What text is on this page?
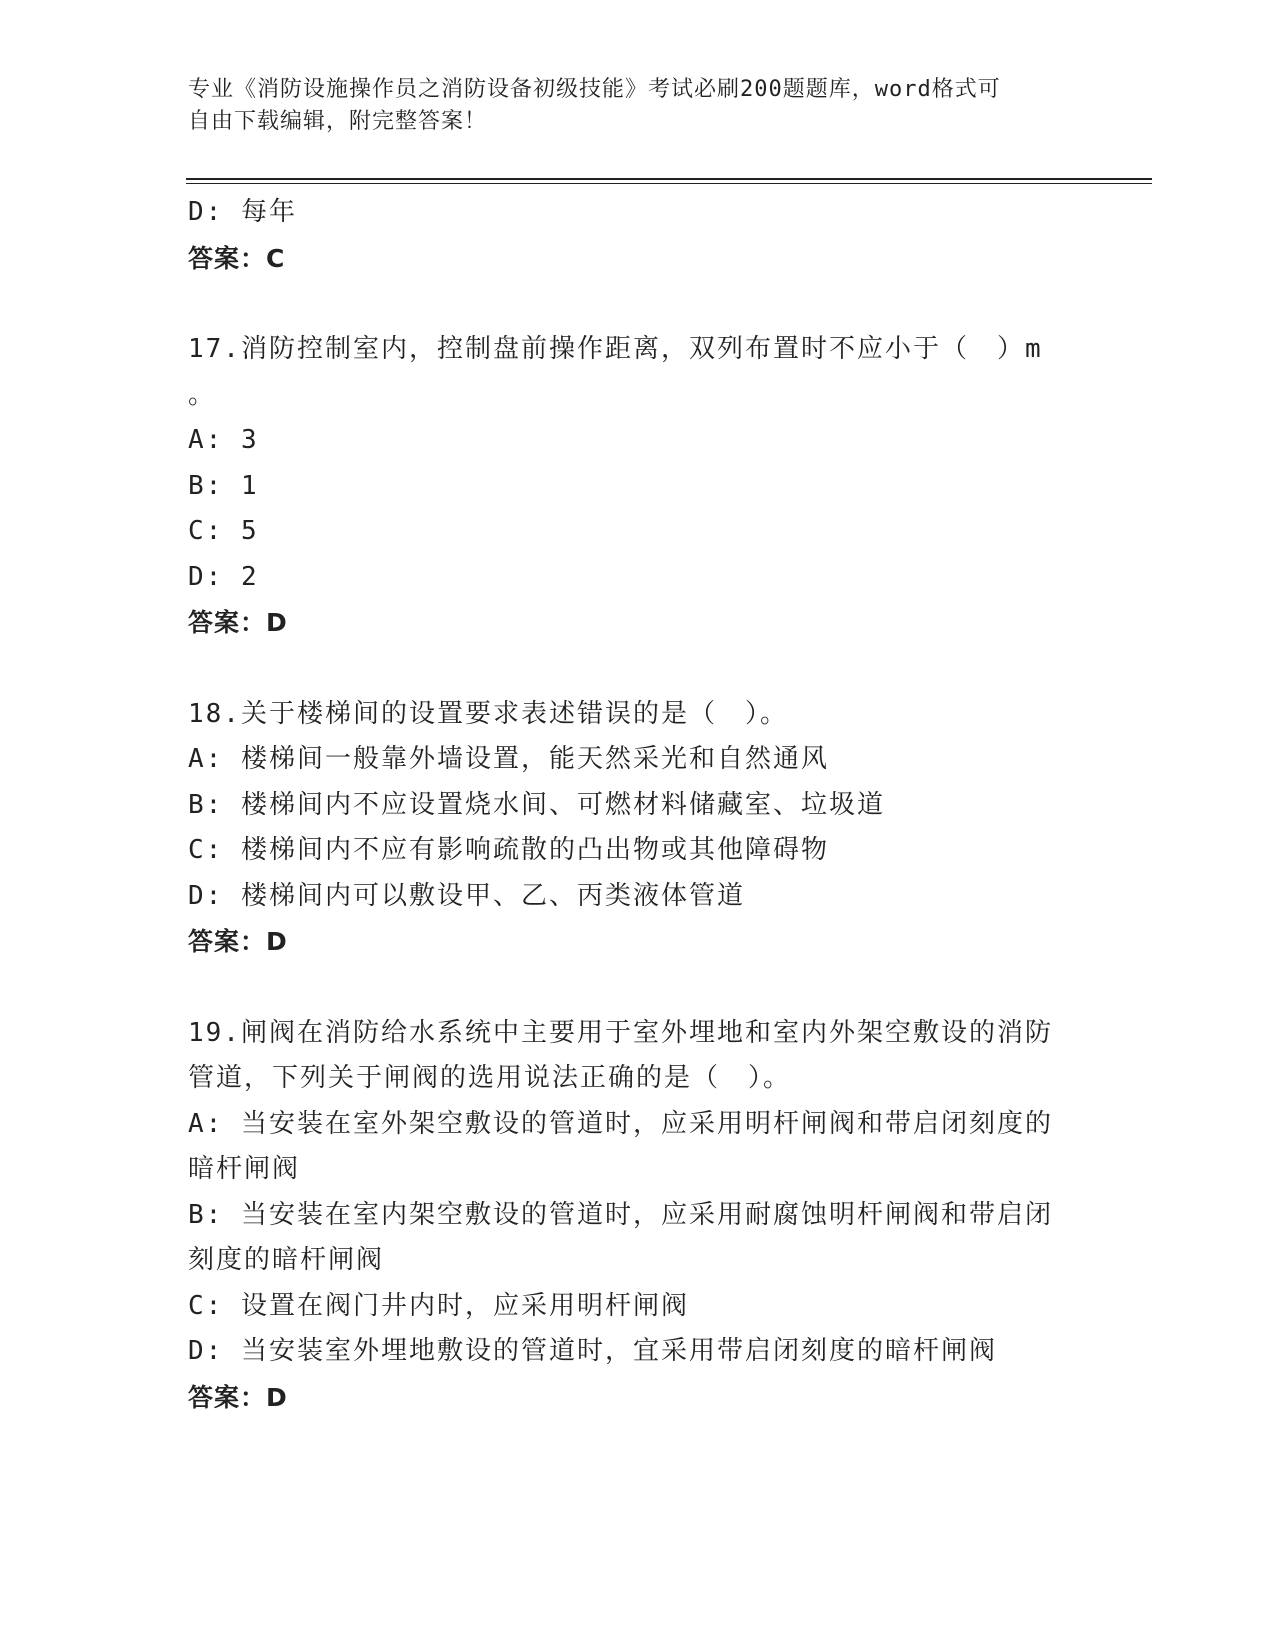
专业《消防设施操作员之消防设备初级技能》考试必刷200题题库，word格式可
自由下载编辑，附完整答案！
D: 每年
答案：C
17.消防控制室内，控制盘前操作距离，双列布置时不应小于（　）m
。
A: 3
B: 1
C: 5
D: 2
答案：D
18.关于楼梯间的设置要求表述错误的是（　）。
A: 楼梯间一般靠外墙设置，能天然采光和自然通风
B: 楼梯间内不应设置烧水间、可燃材料储藏室、垃圾道
C: 楼梯间内不应有影响疏散的凸出物或其他障碍物
D: 楼梯间内可以敷设甲、乙、丙类液体管道
答案：D
19.闸阀在消防给水系统中主要用于室外埋地和室内外架空敷设的消防
管道，下列关于闸阀的选用说法正确的是（　）。
A: 当安装在室外架空敷设的管道时，应采用明杆闸阀和带启闭刻度的
暗杆闸阀
B: 当安装在室内架空敷设的管道时，应采用耐腐蚀明杆闸阀和带启闭
刻度的暗杆闸阀
C: 设置在阀门井内时，应采用明杆闸阀
D: 当安装室外埋地敷设的管道时，宜采用带启闭刻度的暗杆闸阀
答案：D
